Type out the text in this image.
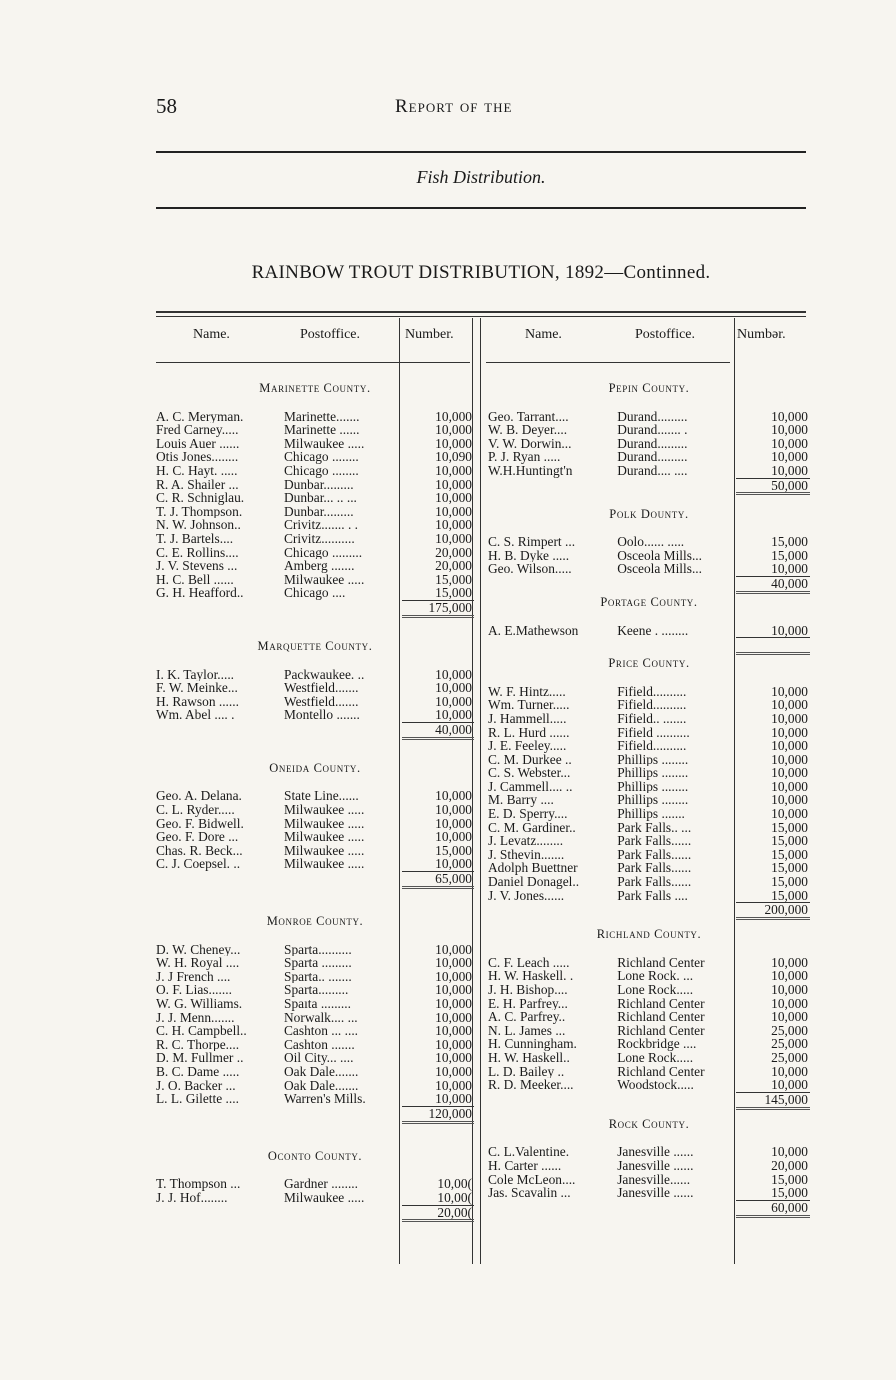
58	Report of the
Fish Distribution.
RAINBOW TROUT DISTRIBUTION, 1892—Continned.
Name.	Postoffice.	Number.	Name.	Postoffice.	Numbər.
Marinette County.
A. C. Meryman.	Marinette.......	10,000
Fred Carney.....	Marinette ......	10,000
Louis Auer ......	Milwaukee .....	10,000
Otis Jones........	Chicago ........	10,090
H. C. Hayt. .....	Chicago ........	10,000
R. A. Shailer ...	Dunbar.........	10,000
C. R. Schniglau.	Dunbar... .. ...	10,000
T. J. Thompson.	Dunbar.........	10,000
N. W. Johnson..	Crivitz....... . .	10,000
T. J. Bartels....	Crivitz..........	10,000
C. E. Rollins....	Chicago .........	20,000
J. V. Stevens ...	Amberg .......	20,000
H. C. Bell ......	Milwaukee .....	15,000
G. H. Heafford..	Chicago ....	15,000
175,000
Marquette County.
I. K. Taylor.....	Packwaukee. ..	10,000
F. W. Meinke...	Westfield.......	10,000
H. Rawson ......	Westfield.......	10,000
Wm. Abel .... .	Montello .......	10,000
40,000
Oneida County.
Geo. A. Delana.	State Line......	10,000
C. L. Ryder.....	Milwaukee .....	10,000
Geo. F. Bidwell.	Milwaukee .....	10,000
Geo. F. Dore ...	Milwaukee .....	10,000
Chas. R. Beck...	Milwaukee .....	15,000
C. J. Coepsel. ..	Milwaukee .....	10,000
65,000
Monroe County.
D. W. Cheney...	Sparta..........	10,000
W. H. Royal ....	Sparta .........	10,000
J. J French ....	Sparta.. .......	10,000
O. F. Lias.......	Sparta.........	10,000
W. G. Williams.	Spaıta .........	10,000
J. J. Menn.......	Norwalk.... ...	10,000
C. H. Campbell..	Cashton ... ....	10,000
R. C. Thorpe....	Cashton .......	10,000
D. M. Fullmer ..	Oil City... ....	10,000
B. C. Dame .....	Oak Dale.......	10,000
J. O. Backer ...	Oak Dale.......	10,000
L. L. Gilette ....	Warren's Mills.	10,000
120,000
Oconto County.
T. Thompson ...	Gardner ........	10,00(
J. J. Hof........	Milwaukee .....	10,00(
20,00(
Pepin County.
Geo. Tarrant....	Durand.........	10,000
W. B. Deyer....	Durand....... .	10,000
V. W. Dorwin...	Durand.........	10,000
P. J. Ryan .....	Durand.........	10,000
W.H.Huntingt'n	Durand.... ....	10,000
50,000
Polk Dounty.
C. S. Rimpert ...	Oolo...... .....	15,000
H. B. Dyke .....	Osceola Mills...	15,000
Geo. Wilson.....	Osceola Mills...	10,000
40,000
Portage County.
A. E.Mathewson	Keene . ........	10,000

Price County.
W. F. Hintz.....	Fifield..........	10,000
Wm. Turner.....	Fifield..........	10,000
J. Hammell.....	Fifield.. .......	10,000
R. L. Hurd ......	Fifield ..........	10,000
J. E. Feeley.....	Fifield..........	10,000
C. M. Durkee ..	Phillips ........	10,000
C. S. Webster...	Phillips ........	10,000
J. Cammell.... ..	Phillips ........	10,000
M. Barry ....	Phillips ........	10,000
E. D. Sperry....	Phillips .......	10,000
C. M. Gardiner..	Park Falls.. ...	15,000
J. Levatz........	Park Falls......	15,000
J. Sthevin.......	Park Falls......	15,000
Adolph Buettner	Park Falls......	15,000
Daniel Donagel..	Park Falls......	15,000
J. V. Jones......	Park Falls ....	15,000
200,000
Richland County.
C. F. Leach .....	Richland Center	10,000
H. W. Haskell. .	Lone Rock. ...	10,000
J. H. Bishop....	Lone Rock.....	10,000
E. H. Parfrey...	Richland Center	10,000
A. C. Parfrey..	Richland Center	10,000
N. L. James ...	Richland Center	25,000
H. Cunningham.	Rockbridge ....	25,000
H. W. Haskell..	Lone Rock.....	25,000
L. D. Bailey ..	Richland Center	10,000
R. D. Meeker....	Woodstock.....	10,000
145,000
Rock County.
C. L.Valentine.	Janesville ......	10,000
H. Carter ......	Janesville ......	20,000
Cole McLeon....	Janesville......	15,000
Jas. Scavalin ...	Janesville ......	15,000
60,000
